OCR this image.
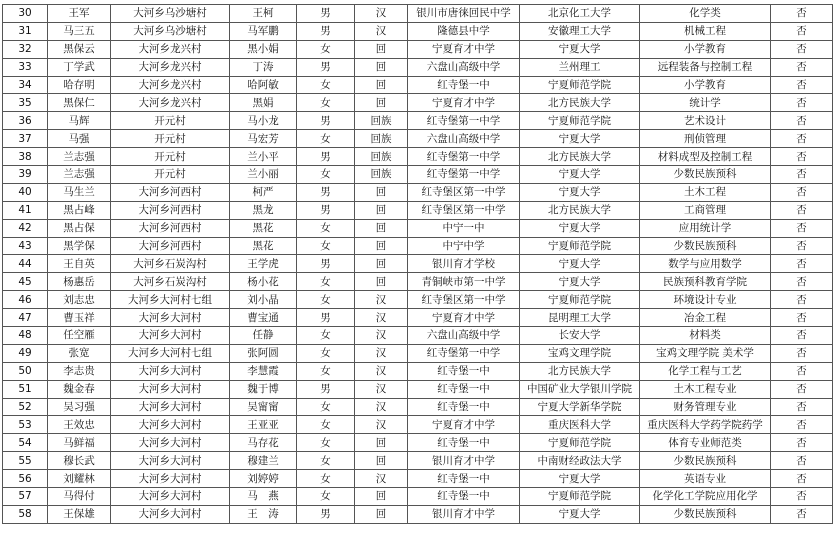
30	王军	大河乡乌沙塘村	王柯	男	汉	银川市唐徕回民中学	北京化工大学	化学类	否
31	马三五	大河乡乌沙塘村	马军鹏	男	汉	隆德县中学	安徽理工大学	机械工程	否
32	黑保云	大河乡龙兴村	黑小娟	女	回	宁夏育才中学	宁夏大学	小学教育	否
33	丁学武	大河乡龙兴村	丁涛	男	回	六盘山高级中学	兰州理工	远程装备与控制工程	否
34	哈存明	大河乡龙兴村	哈阿敏	女	回	红寺堡一中	宁夏师范学院	小学教育	否
35	黑保仁	大河乡龙兴村	黑娟	女	回	宁夏育才中学	北方民族大学	统计学	否
36	马辉	开元村	马小龙	男	回族	红寺堡第一中学	宁夏师范学院	艺术设计	否
37	马强	开元村	马宏芳	女	回族	六盘山高级中学	宁夏大学	刑侦管理	否
38	兰志强	开元村	兰小平	男	回族	红寺堡第一中学	北方民族大学	材料成型及控制工程	否
39	兰志强	开元村	兰小丽	女	回族	红寺堡第一中学	宁夏大学	少数民族预科	否
40	马生兰	大河乡河西村	柯严	男	回	红寺堡区第一中学	宁夏大学	土木工程	否
41	黑占峰	大河乡河西村	黑龙	男	回	红寺堡区第一中学	北方民族大学	工商管理	否
42	黑占保	大河乡河西村	黑花	女	回	中宁一中	宁夏大学	应用统计学	否
43	黑学保	大河乡河西村	黑花	女	回	中宁中学	宁夏师范学院	少数民族预科	否
44	王自英	大河乡石炭沟村	王学虎	男	回	银川育才学校	宁夏大学	数学与应用数学	否
45	杨惠岳	大河乡石炭沟村	杨小花	女	回	青铜峡市第一中学	宁夏大学	民族预科教育学院	否
46	刘志忠	大河乡大河村七组	刘小晶	女	汉	红寺堡区第一中学	宁夏师范学院	环境设计专业	否
47	曹玉祥	大河乡大河村	曹宝通	男	汉	宁夏育才中学	昆明理工大学	冶金工程	否
48	任空雁	大河乡大河村	任静	女	汉	六盘山高级中学	长安大学	材料类	否
49	张宽	大河乡大河村七组	张阿圆	女	汉	红寺堡第一中学	宝鸡文理学院	宝鸡文理学院 美术学	否
50	李志贵	大河乡大河村	李慧霞	女	汉	红寺堡一中	北方民族大学	化学工程与工艺	否
51	魏金春	大河乡大河村	魏于博	男	汉	红寺堡一中	中国矿业大学银川学院	土木工程专业	否
52	吴习强	大河乡大河村	吴甯甯	女	汉	红寺堡一中	宁夏大学新华学院	财务管理专业	否
53	王效忠	大河乡大河村	王亚亚	女	汉	宁夏育才中学	重庆医科大学	重庆医科大学药学院药学	否
54	马鲜福	大河乡大河村	马存花	女	回	红寺堡一中	宁夏师范学院	体育专业师范类	否
55	穆长武	大河乡大河村	穆建兰	女	回	银川育才中学	中南财经政法大学	少数民族预科	否
56	刘耀林	大河乡大河村	刘婷婷	女	汉	红寺堡一中	宁夏大学	英语专业	否
57	马得付	大河乡大河村	马　燕	女	回	红寺堡一中	宁夏师范学院	化学化工学院应用化学	否
58	王保雄	大河乡大河村	王　涛	男	回	银川育才中学	宁夏大学	少数民族预科	否
